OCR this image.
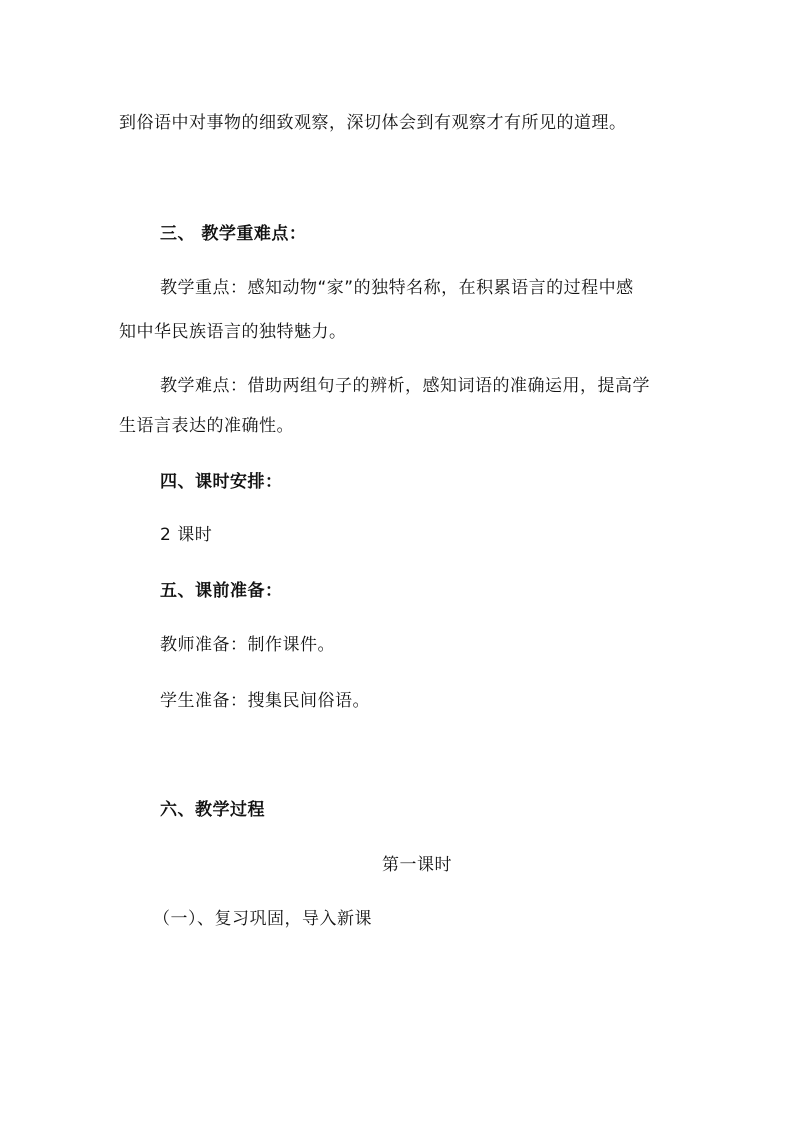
到俗语中对事物的细致观察，深切体会到有观察才有所见的道理。
三、 教学重难点：
教学重点：感知动物“家”的独特名称，在积累语言的过程中感
知中华民族语言的独特魅力。
教学难点：借助两组句子的辨析，感知词语的准确运用，提高学
生语言表达的准确性。
四、课时安排：
2 课时
五、课前准备：
教师准备：制作课件。
学生准备：搜集民间俗语。
六、教学过程
第一课时
（一）、复习巩固，导入新课
